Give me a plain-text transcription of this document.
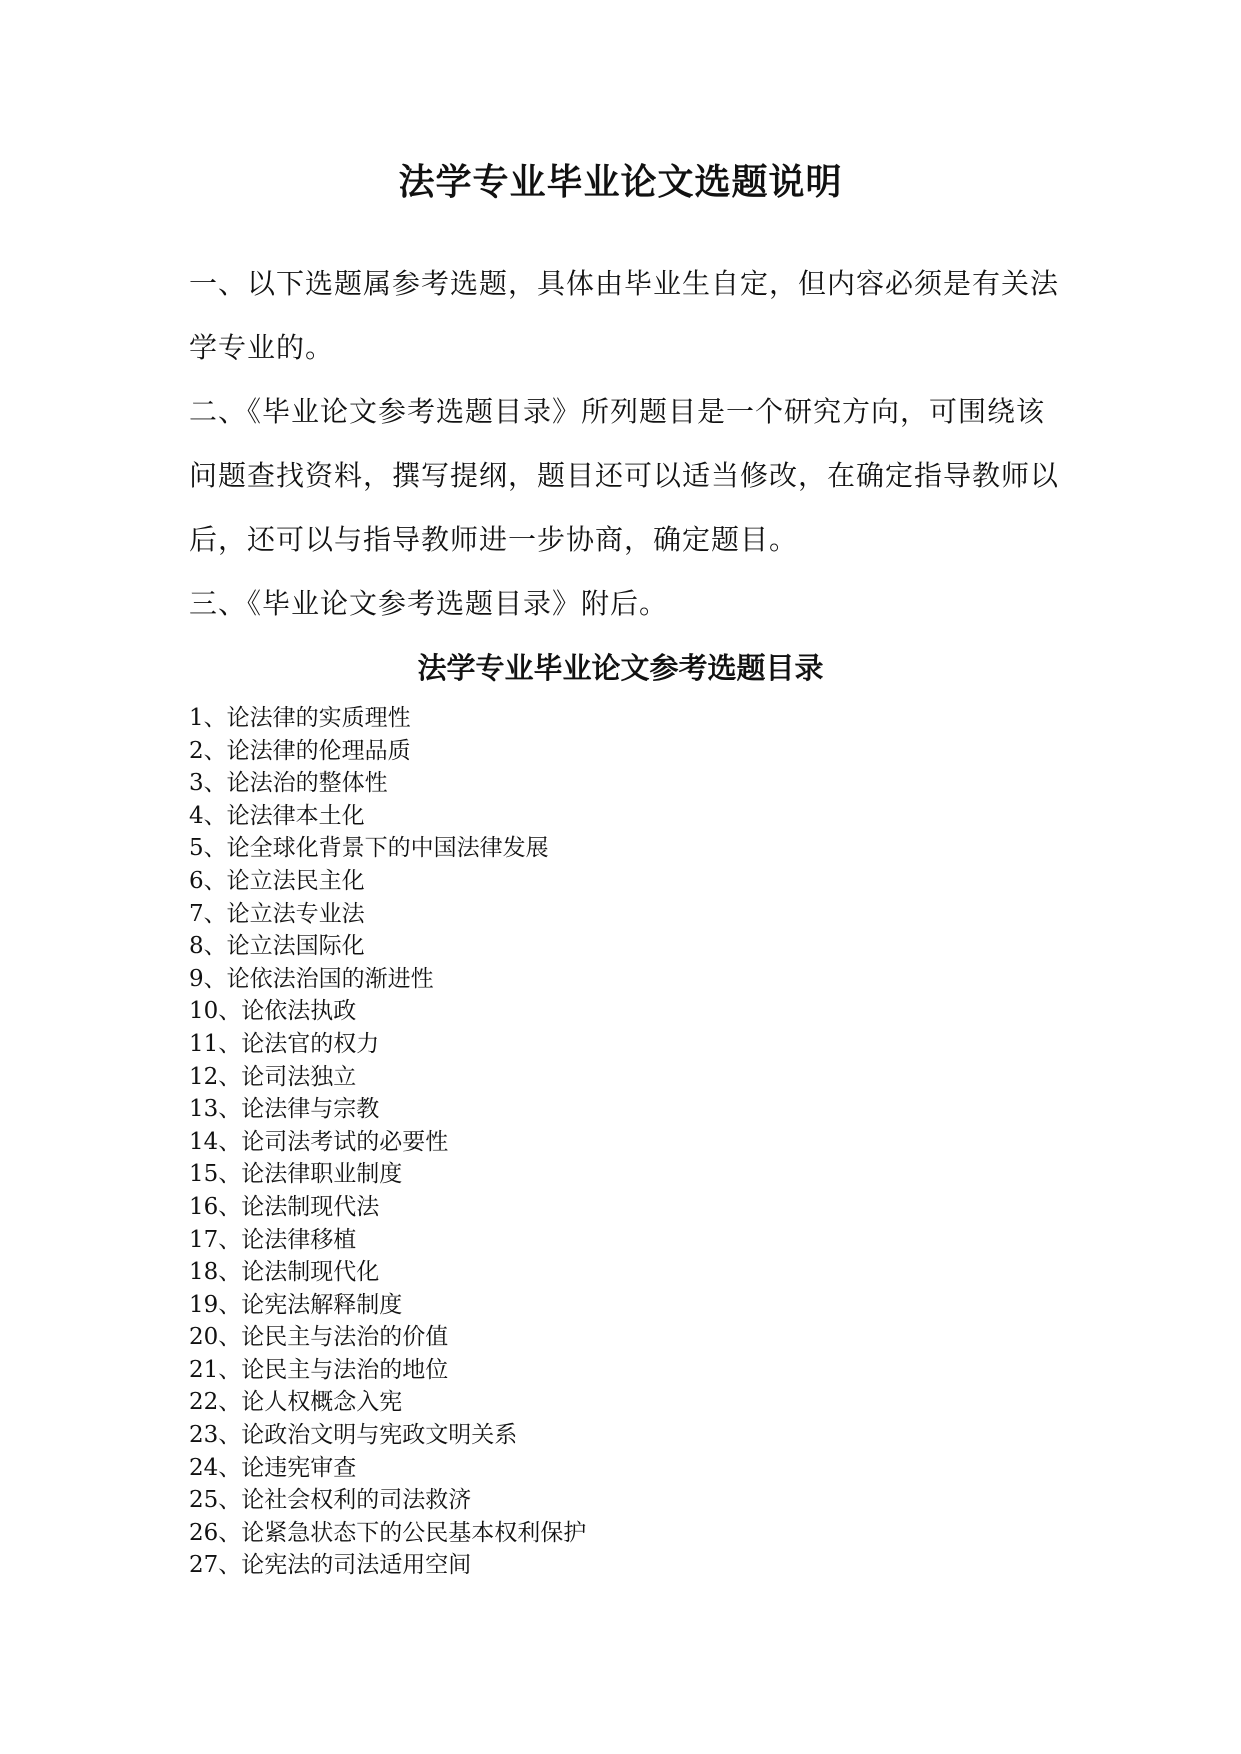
法学专业毕业论文选题说明

一、以下选题属参考选题，具体由毕业生自定，但内容必须是有关法学专业的。

二、《毕业论文参考选题目录》所列题目是一个研究方向，可围绕该问题查找资料，撰写提纲，题目还可以适当修改，在确定指导教师以后，还可以与指导教师进一步协商，确定题目。

三、《毕业论文参考选题目录》附后。

法学专业毕业论文参考选题目录
1、论法律的实质理性
2、论法律的伦理品质
3、论法治的整体性
4、论法律本土化
5、论全球化背景下的中国法律发展
6、论立法民主化
7、论立法专业法
8、论立法国际化
9、论依法治国的渐进性
10、论依法执政
11、论法官的权力
12、论司法独立
13、论法律与宗教
14、论司法考试的必要性
15、论法律职业制度
16、论法制现代法
17、论法律移植
18、论法制现代化
19、论宪法解释制度
20、论民主与法治的价值
21、论民主与法治的地位
22、论人权概念入宪
23、论政治文明与宪政文明关系
24、论违宪审查
25、论社会权利的司法救济
26、论紧急状态下的公民基本权利保护
27、论宪法的司法适用空间
